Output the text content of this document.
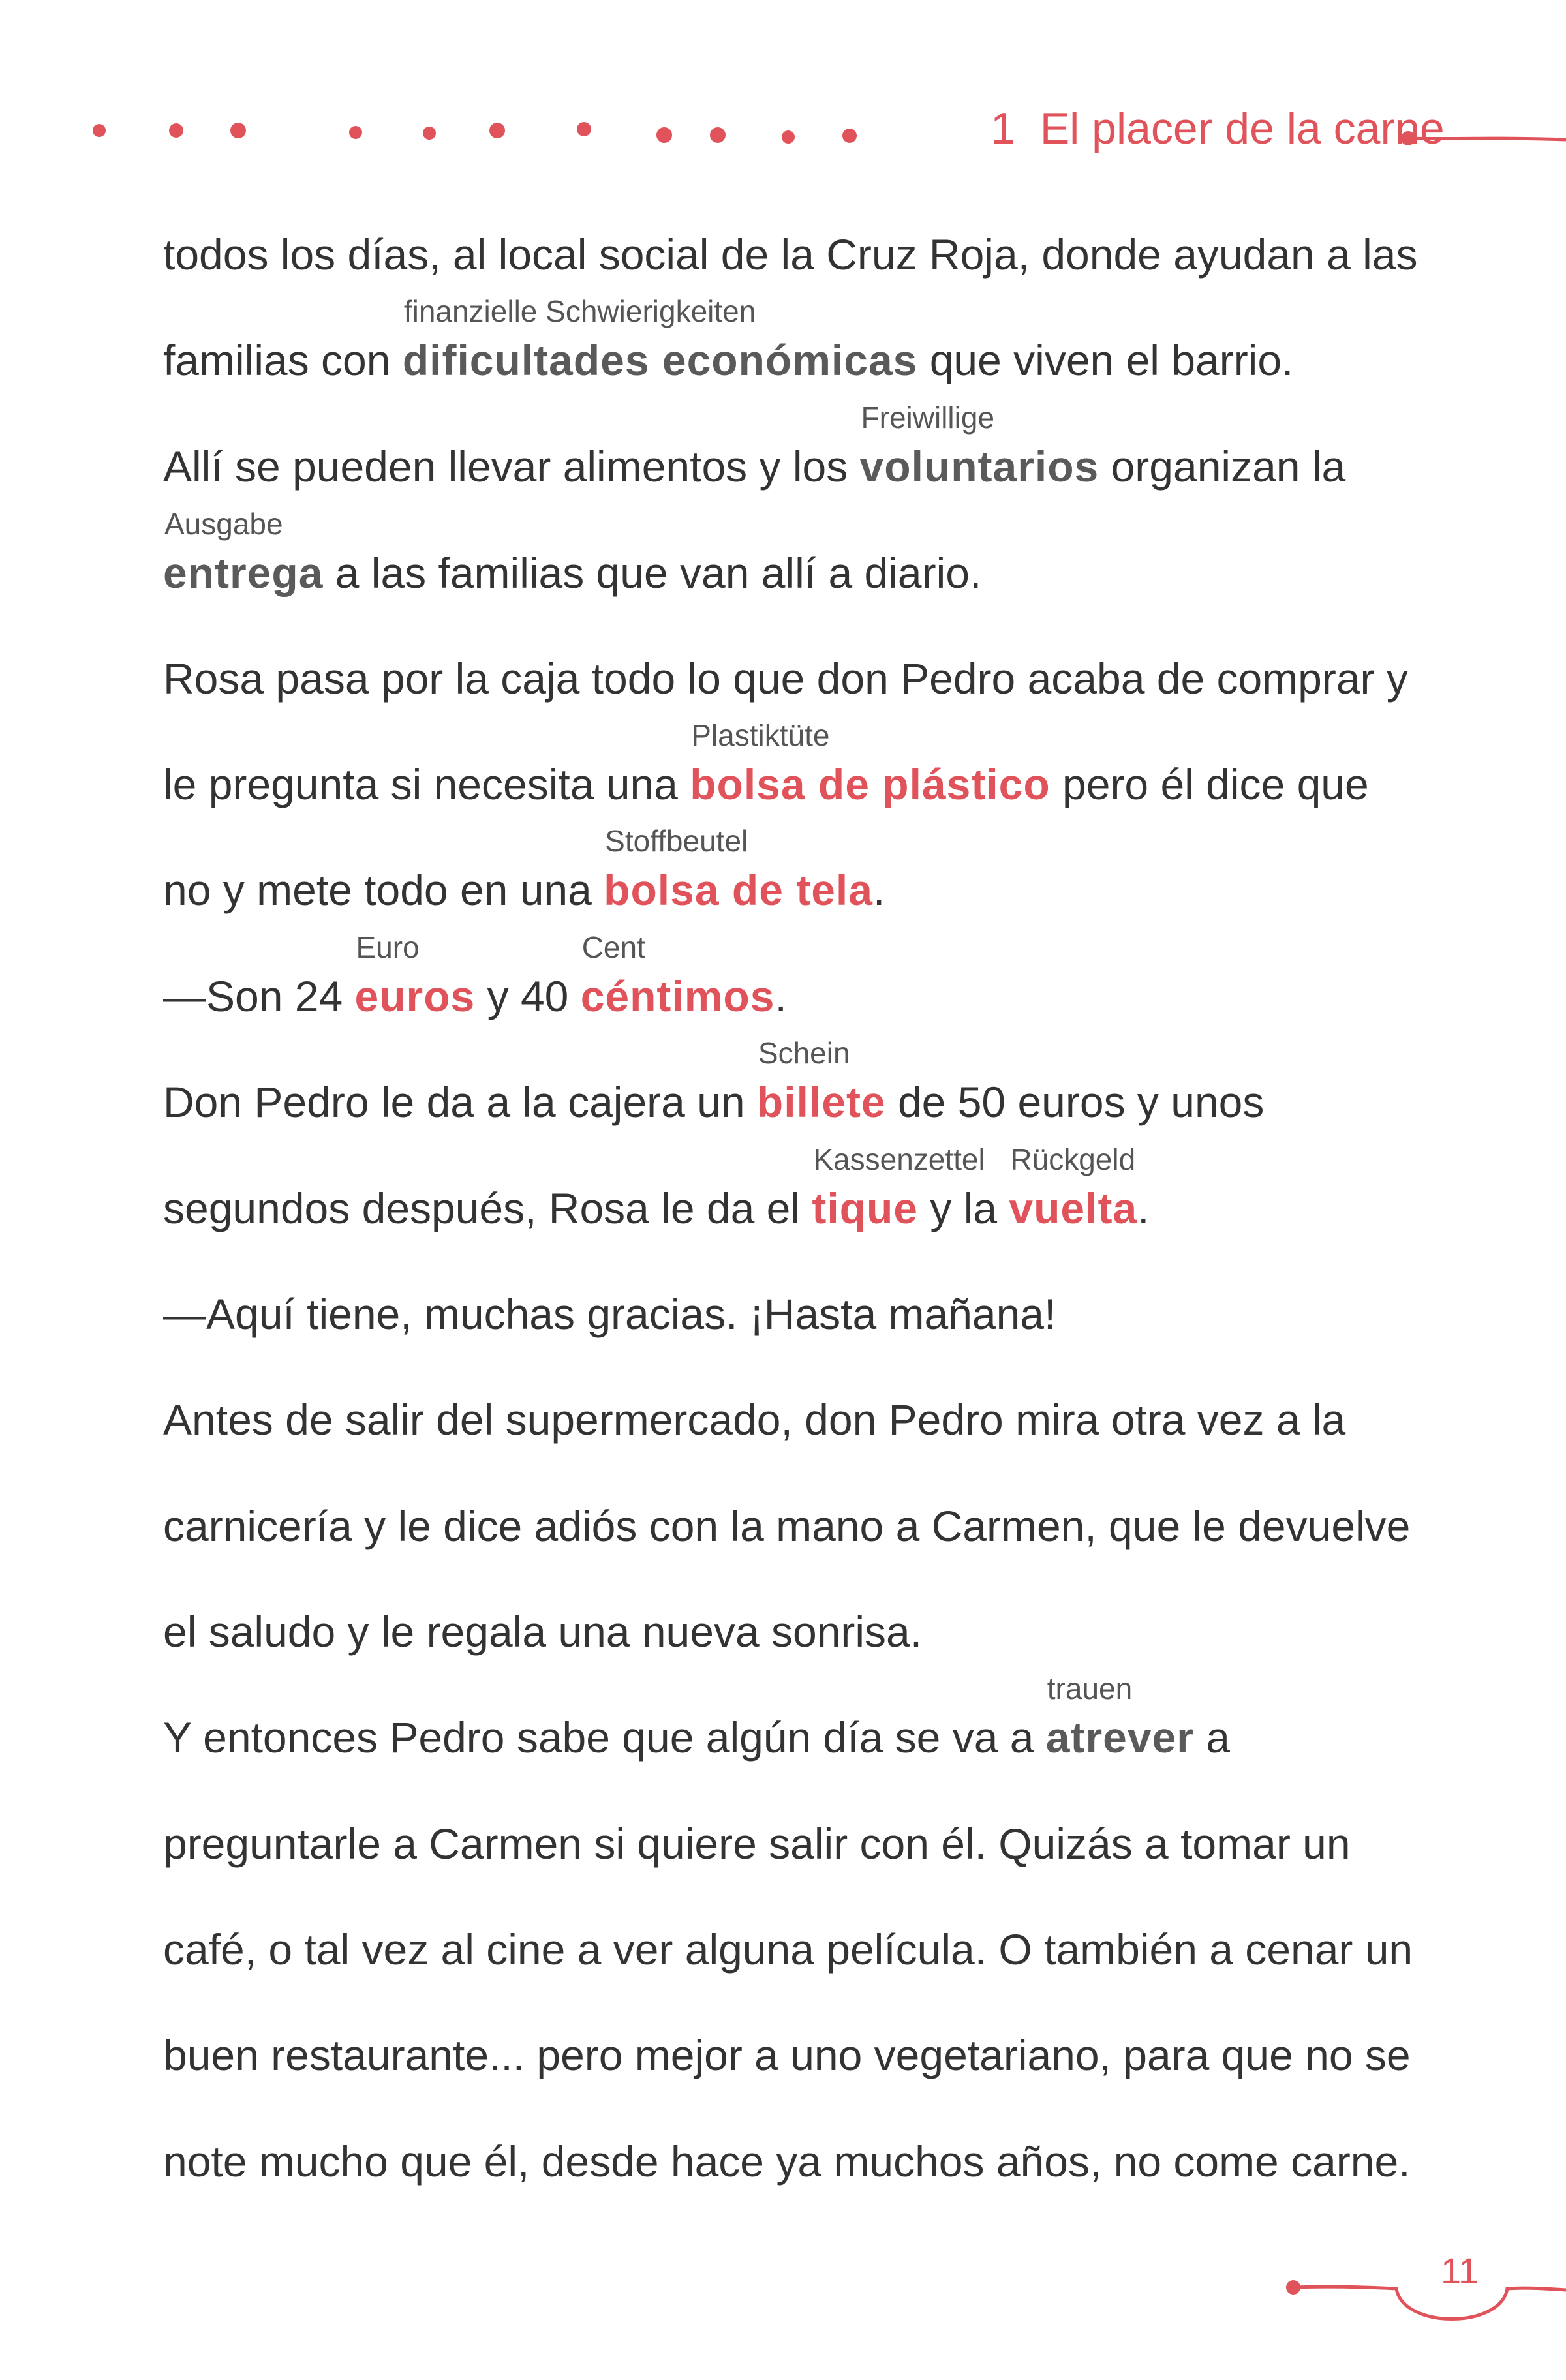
1 El placer de la carne
todos los días, al local social de la Cruz Roja, donde ayudan a las
familias con
finanzielle Schwierigkeiten
dificultades económicas que viven el barrio.
Allí se pueden llevar alimentos y los
Freiwillige
voluntarios organizan la
Ausgabe
entrega a las familias que van allí a diario.
Rosa pasa por la caja todo lo que don Pedro acaba de comprar y
le pregunta si necesita una
Plastiktüte
bolsa de plástico pero él dice que
no y mete todo en una
Stoffbeutel
bolsa de tela.
—Son 24
Euro
euros y 40
Cent
céntimos.
Don Pedro le da a la cajera un
Schein
billete de 50 euros y unos
segundos después, Rosa le da el
Kassenzettel
tique y la
Rückgeld
vuelta.
—Aquí tiene, muchas gracias. ¡Hasta mañana!
Antes de salir del supermercado, don Pedro mira otra vez a la
carnicería y le dice adiós con la mano a Carmen, que le devuelve
el saludo y le regala una nueva sonrisa.
Y entonces Pedro sabe que algún día se va a
trauen
atrever a
preguntarle a Carmen si quiere salir con él. Quizás a tomar un
café, o tal vez al cine a ver alguna película. O también a cenar un
buen restaurante... pero mejor a uno vegetariano, para que no se
note mucho que él, desde hace ya muchos años, no come carne.
11
